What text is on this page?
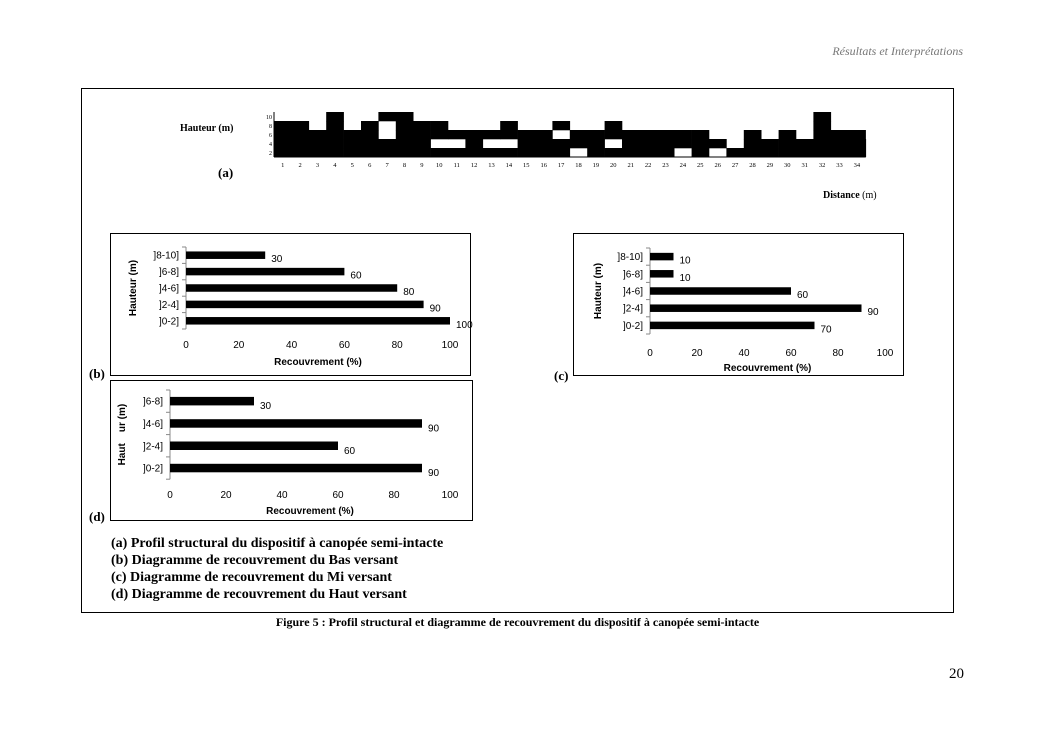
Résultats et Interprétations
Hauteur (m)
10
8
6
4
2
1 2 3 4 5 6 7 8 9 10 11 12 13 14 15 16 17 18 19 20 21 22 23 24 25 26 27 28 29 30 31 32 33 34
(a)
Distance (m)
]8-10]	30
]6-8]	60
]4-6]	80
]2-4]	90
]0-2]	100
0	20	40	60	80	100
Recouvrement (%)
Hauteur (m)
(b)
]8-10]	10
]6-8]	10
]4-6]	60
]2-4]	90
]0-2]	70
0	20	40	60	80	100
Recouvrement (%)
Hauteur (m)
(c)
]6-8]	30
]4-6]	90
]2-4]	60
]0-2]	90
0	20	40	60	80	100
Recouvrement (%)
Haut    ur (m)
(d)
(a) Profil structural du dispositif à canopée semi-intacte
(b) Diagramme de recouvrement du Bas versant
(c) Diagramme de recouvrement du Mi versant
(d) Diagramme de recouvrement du Haut versant
Figure 5 : Profil structural et diagramme de recouvrement du dispositif à canopée semi-intacte
20
